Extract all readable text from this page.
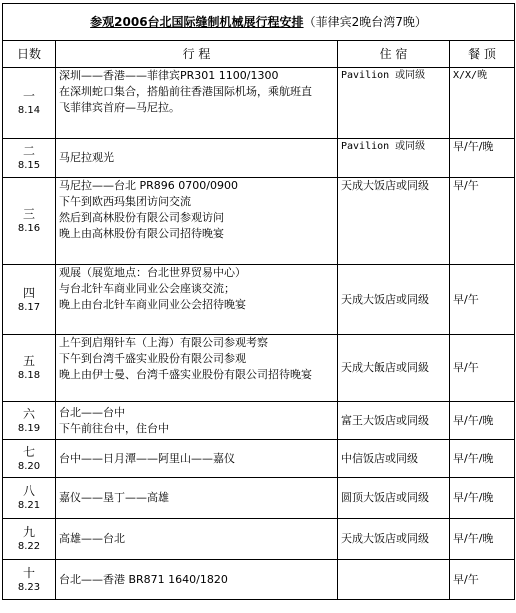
参观2006台北国际缝制机械展行程安排（菲律宾2晚台湾7晚）			
日数	行 程	住 宿	餐 顶

一
8.14	深圳——香港——菲律宾PR301 1100/1300
在深圳蛇口集合，搭船前往香港国际机场，乘航班直
飞菲律宾首府—马尼拉。	Pavilion 或同级	X/X/晚

二
8.15	马尼拉观光	Pavilion 或同级	早/午/晚

三
8.16	马尼拉——台北 PR896 0700/0900
下午到欧西玛集团访问交流
然后到高林股份有限公司参观访问
晚上由高林股份有限公司招待晚宴	天成大饭店或同级	早/午

四
8.17	观展（展览地点：台北世界贸易中心）
与台北针车商业同业公会座谈交流；
晚上由台北针车商业同业公会招待晚宴	天成大饭店或同级	早/午

五
8.18	上午到启翔针车（上海）有限公司参观考察
下午到台湾千盛实业股份有限公司参观
晚上由伊士曼、台湾千盛实业股份有限公司招待晚宴	天成大飯店或同級	早/午

六
8.19	台北——台中
下午前往台中，住台中	富王大饭店或同级	早/午/晚

七
8.20	台中——日月潭——阿里山——嘉仪	中信饭店或同级	早/午/晚

八
8.21	嘉仪——垦丁——高雄	圆顶大饭店或同级	早/午/晚

九
8.22	高雄——台北	天成大饭店或同级	早/午/晚

十
8.23	台北——香港 BR871 1640/1820		早/午
